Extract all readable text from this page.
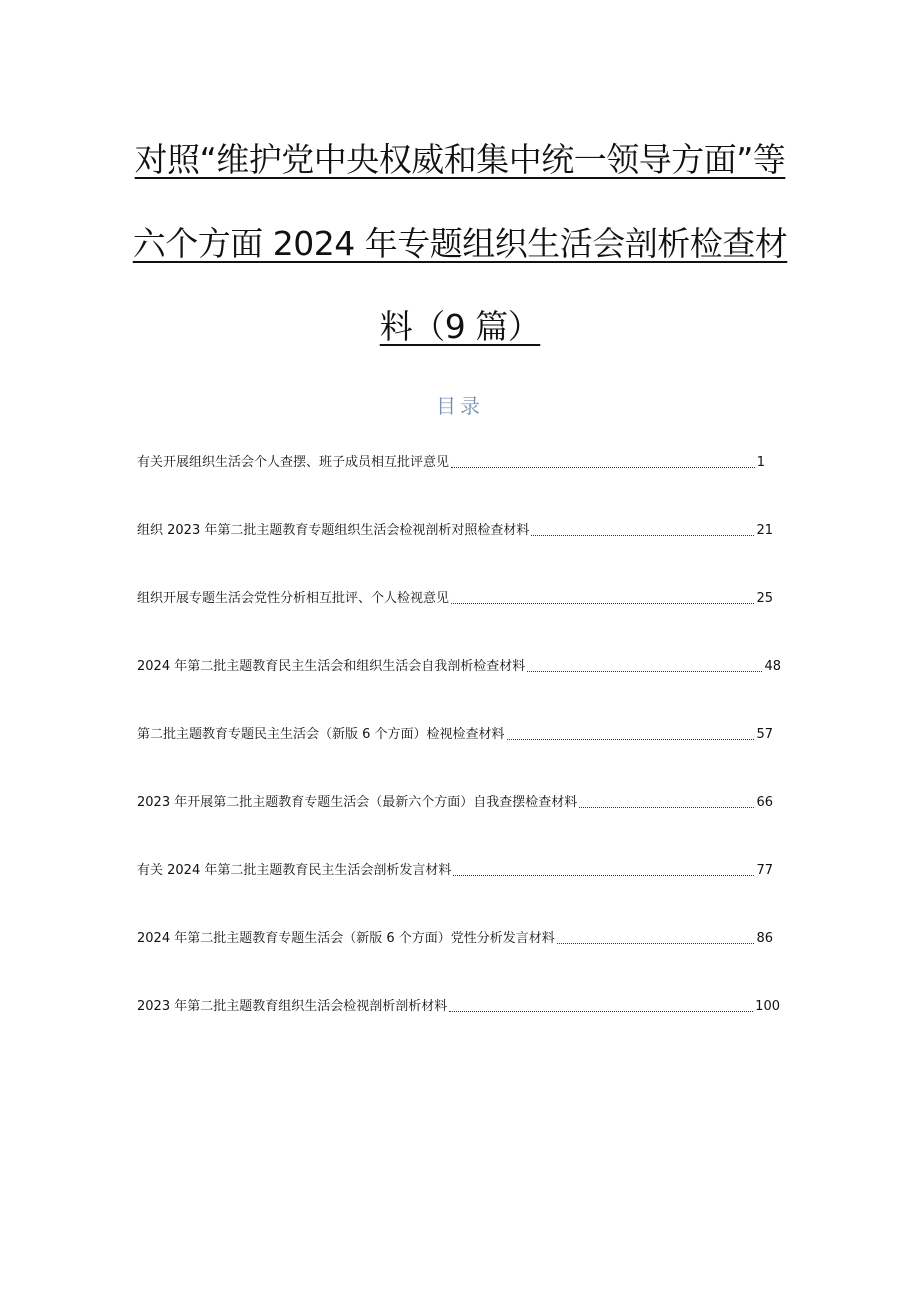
对照“维护党中央权威和集中统一领导方面”等
六个方面 2024 年专题组织生活会剖析检查材
料（9 篇）
目录
有关开展组织生活会个人查摆、班子成员相互批评意见	1
组织 2023 年第二批主题教育专题组织生活会检视剖析对照检查材料	21
组织开展专题生活会党性分析相互批评、个人检视意见	25
2024 年第二批主题教育民主生活会和组织生活会自我剖析检查材料	48
第二批主题教育专题民主生活会（新版 6 个方面）检视检查材料	57
2023 年开展第二批主题教育专题生活会（最新六个方面）自我查摆检查材料	66
有关 2024 年第二批主题教育民主生活会剖析发言材料	77
2024 年第二批主题教育专题生活会（新版 6 个方面）党性分析发言材料	86
2023 年第二批主题教育组织生活会检视剖析剖析材料	100
